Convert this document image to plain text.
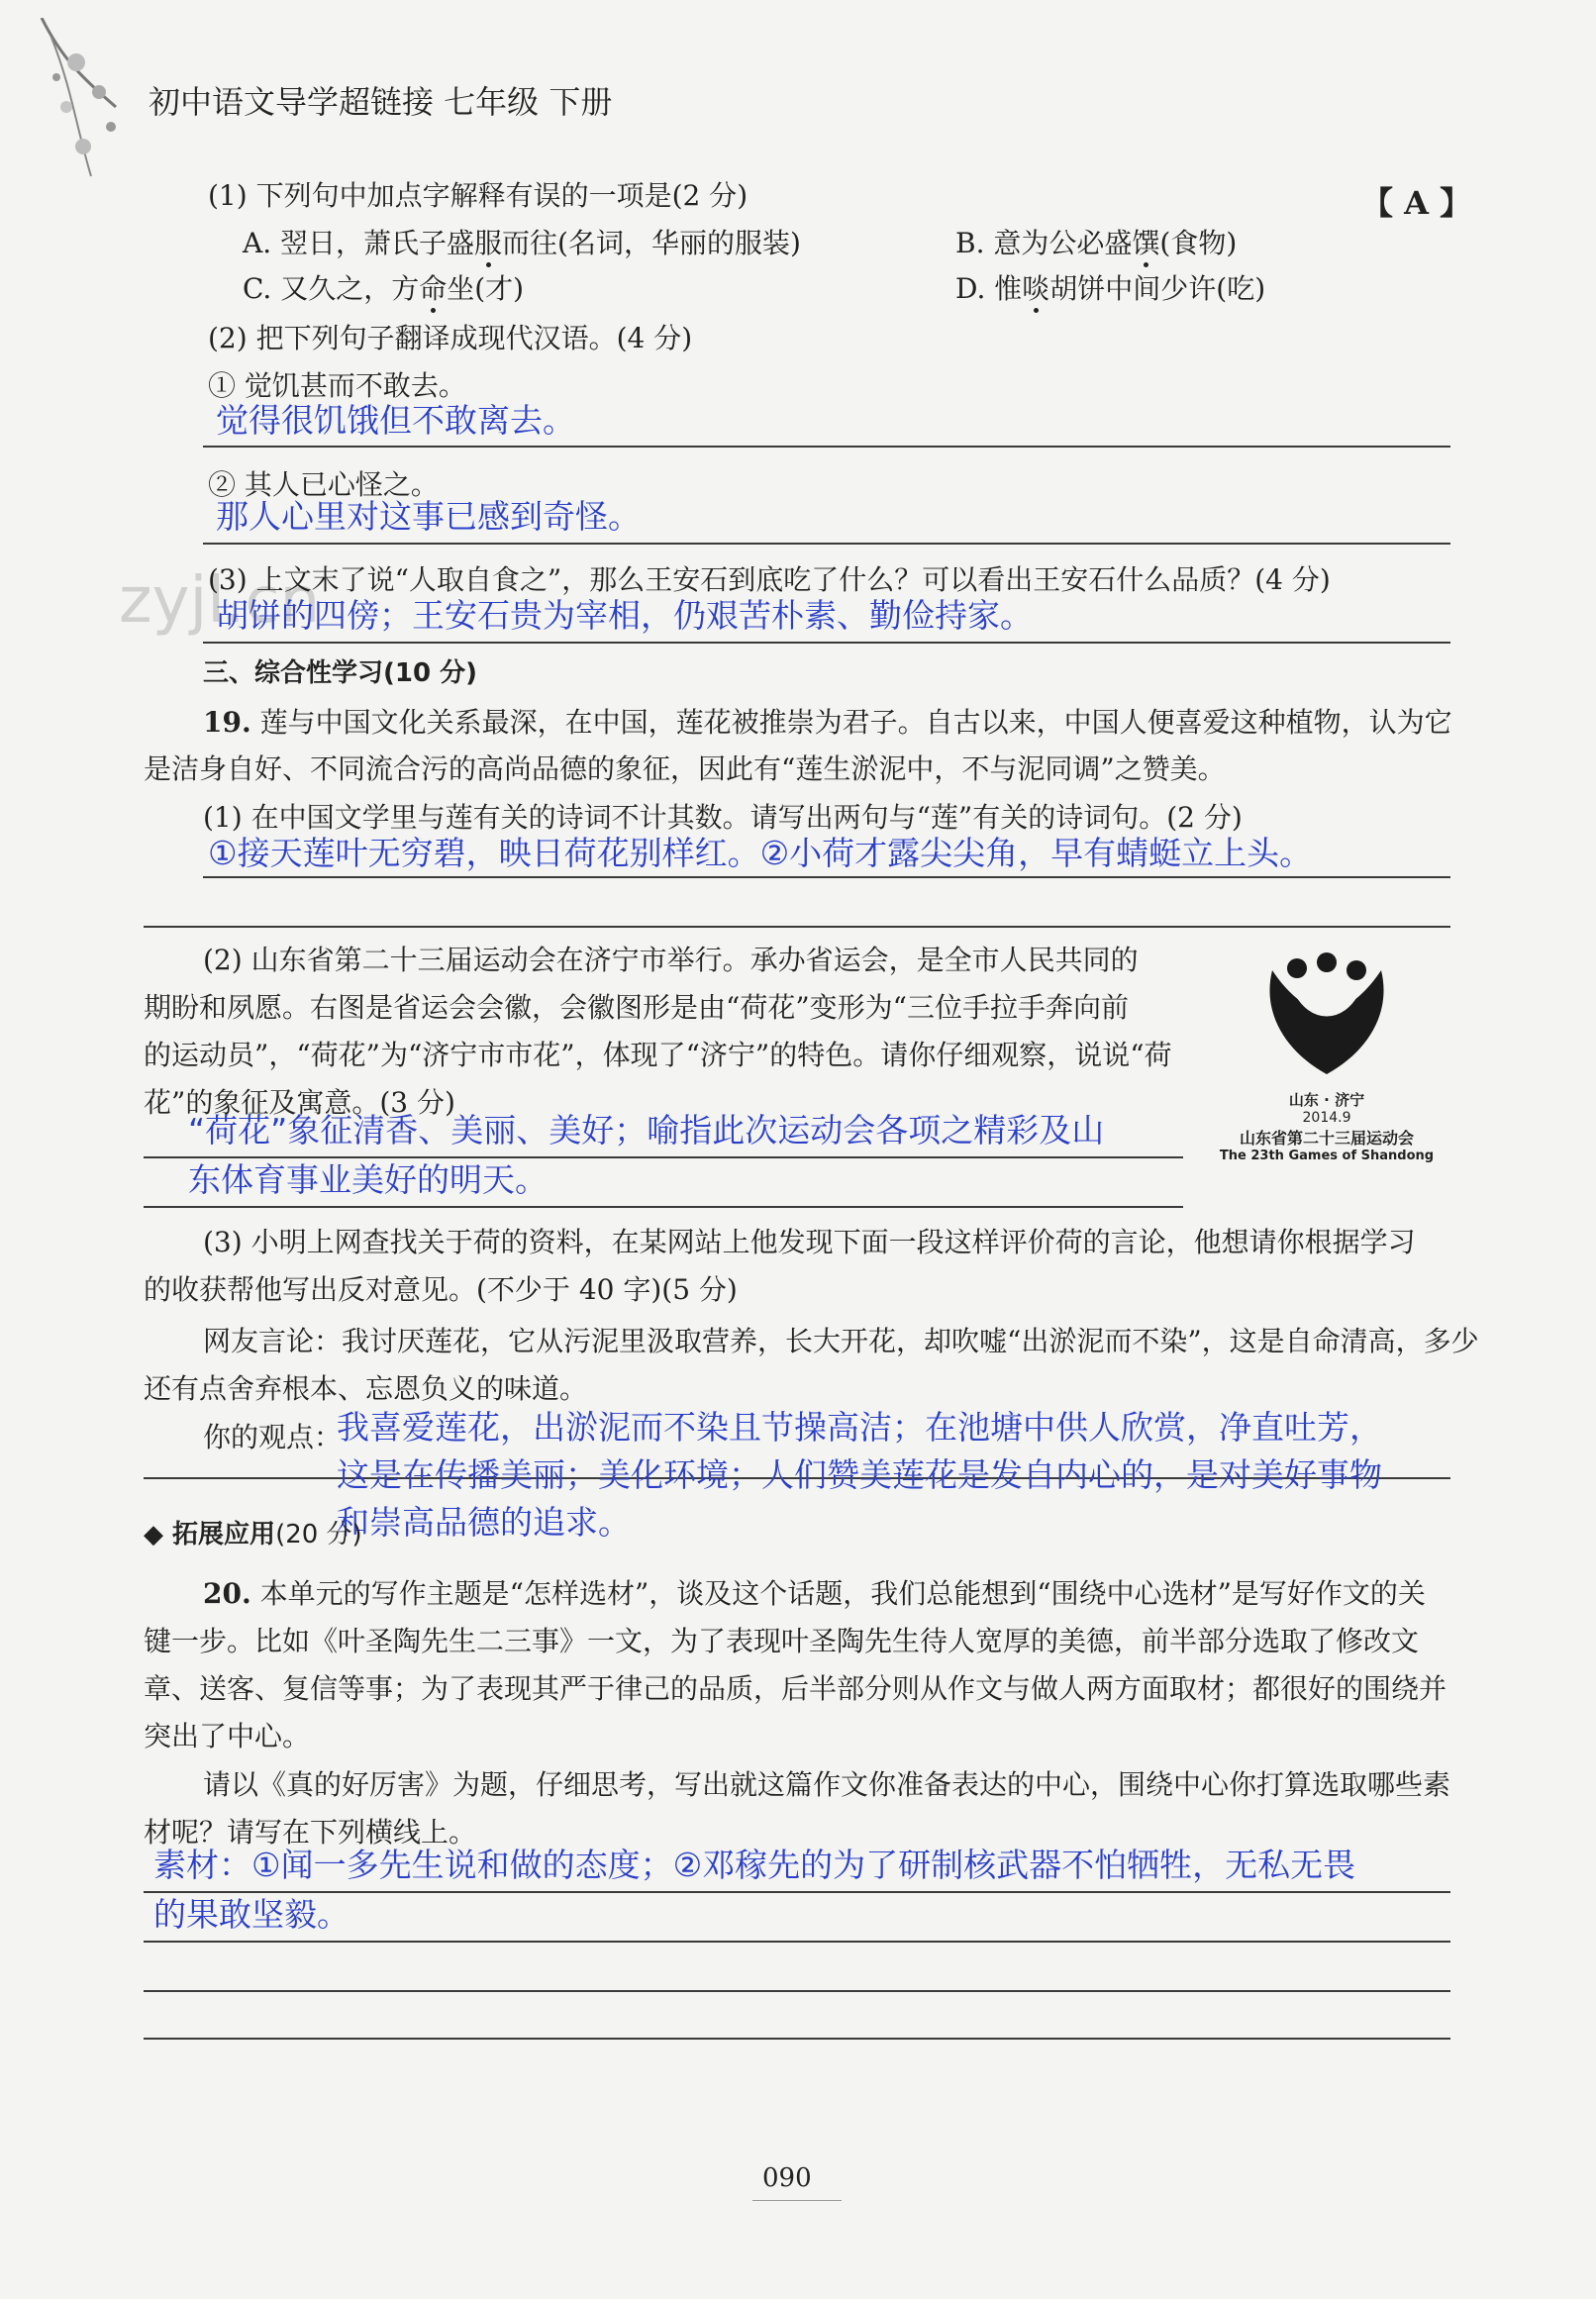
初中语文导学超链接 七年级 下册
【 A 】
zyjl.cn
(1) 下列句中加点字解释有误的一项是(2 分)
A. 翌日，萧氏子盛服而往(名词，华丽的服装)	B. 意为公必盛馔(食物)
C. 又久之，方命坐(才)	D. 惟啖胡饼中间少许(吃)
(2) 把下列句子翻译成现代汉语。(4 分)
① 觉饥甚而不敢去。
觉得很饥饿但不敢离去。
② 其人已心怪之。
那人心里对这事已感到奇怪。
(3) 上文末了说“人取自食之”，那么王安石到底吃了什么？可以看出王安石什么品质？(4 分)
胡饼的四傍；王安石贵为宰相，仍艰苦朴素、勤俭持家。
三、综合性学习(10 分)
19. 莲与中国文化关系最深，在中国，莲花被推崇为君子。自古以来，中国人便喜爱这种植物，认为它
是洁身自好、不同流合污的高尚品德的象征，因此有“莲生淤泥中，不与泥同调”之赞美。
(1) 在中国文学里与莲有关的诗词不计其数。请写出两句与“莲”有关的诗词句。(2 分)
①接天莲叶无穷碧，映日荷花别样红。②小荷才露尖尖角，早有蜻蜓立上头。
(2) 山东省第二十三届运动会在济宁市举行。承办省运会，是全市人民共同的
期盼和夙愿。右图是省运会会徽，会徽图形是由“荷花”变形为“三位手拉手奔向前
的运动员”，“荷花”为“济宁市市花”，体现了“济宁”的特色。请你仔细观察，说说“荷
花”的象征及寓意。(3 分)
“荷花”象征清香、美丽、美好；喻指此次运动会各项之精彩及山
东体育事业美好的明天。
山东 · 济宁
2014.9
山东省第二十三届运动会
The 23th Games of Shandong
(3) 小明上网查找关于荷的资料，在某网站上他发现下面一段这样评价荷的言论，他想请你根据学习
的收获帮他写出反对意见。(不少于 40 字)(5 分)
网友言论：我讨厌莲花，它从污泥里汲取营养，长大开花，却吹嘘“出淤泥而不染”，这是自命清高，多少
还有点舍弃根本、忘恩负义的味道。
你的观点：
我喜爱莲花，出淤泥而不染且节操高洁；在池塘中供人欣赏，净直吐芳，
这是在传播美丽；美化环境；人们赞美莲花是发自内心的，是对美好事物
和崇高品德的追求。
◆ 拓展应用(20 分)
20. 本单元的写作主题是“怎样选材”，谈及这个话题，我们总能想到“围绕中心选材”是写好作文的关
键一步。比如《叶圣陶先生二三事》一文，为了表现叶圣陶先生待人宽厚的美德，前半部分选取了修改文
章、送客、复信等事；为了表现其严于律己的品质，后半部分则从作文与做人两方面取材；都很好的围绕并
突出了中心。
请以《真的好厉害》为题，仔细思考，写出就这篇作文你准备表达的中心，围绕中心你打算选取哪些素
材呢？请写在下列横线上。
素材：①闻一多先生说和做的态度；②邓稼先的为了研制核武器不怕牺牲，无私无畏
的果敢坚毅。
090
